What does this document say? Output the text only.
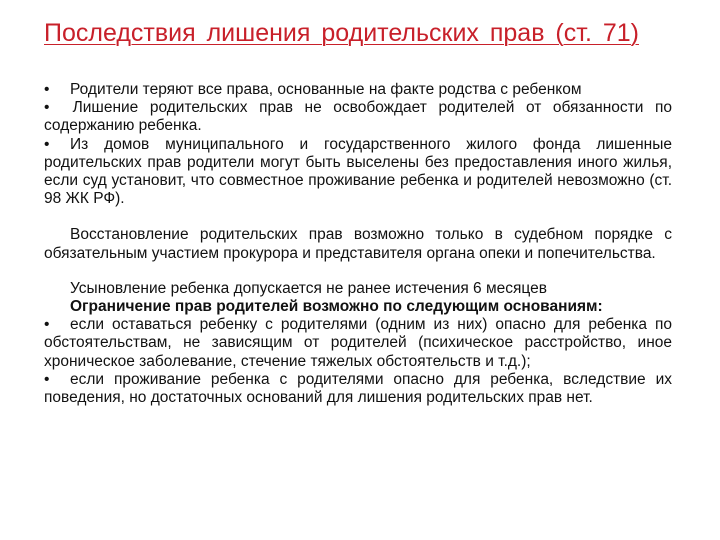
Последствия лишения родительских прав (ст. 71)
• Родители теряют все права, основанные на факте родства с ребенком
• Лишение родительских прав не освобождает родителей от обязанности по содержанию ребенка.
• Из домов муниципального и государственного жилого фонда лишенные родительских прав родители могут быть выселены без предоставления иного жилья, если суд установит, что совместное проживание ребенка и родителей невозможно (ст. 98 ЖК РФ).
Восстановление родительских прав возможно только в судебном порядке с обязательным участием прокурора и представителя органа опеки и попечительства.
Усыновление ребенка допускается не ранее истечения 6 месяцев
Ограничение прав родителей возможно по следующим основаниям:
• если оставаться ребенку с родителями (одним из них) опасно для ребенка по обстоятельствам, не зависящим от родителей (психическое расстройство, иное хроническое заболевание, стечение тяжелых обстоятельств и т.д.);
• если проживание ребенка с родителями опасно для ребенка, вследствие их поведения, но достаточных оснований для лишения родительских прав нет.
